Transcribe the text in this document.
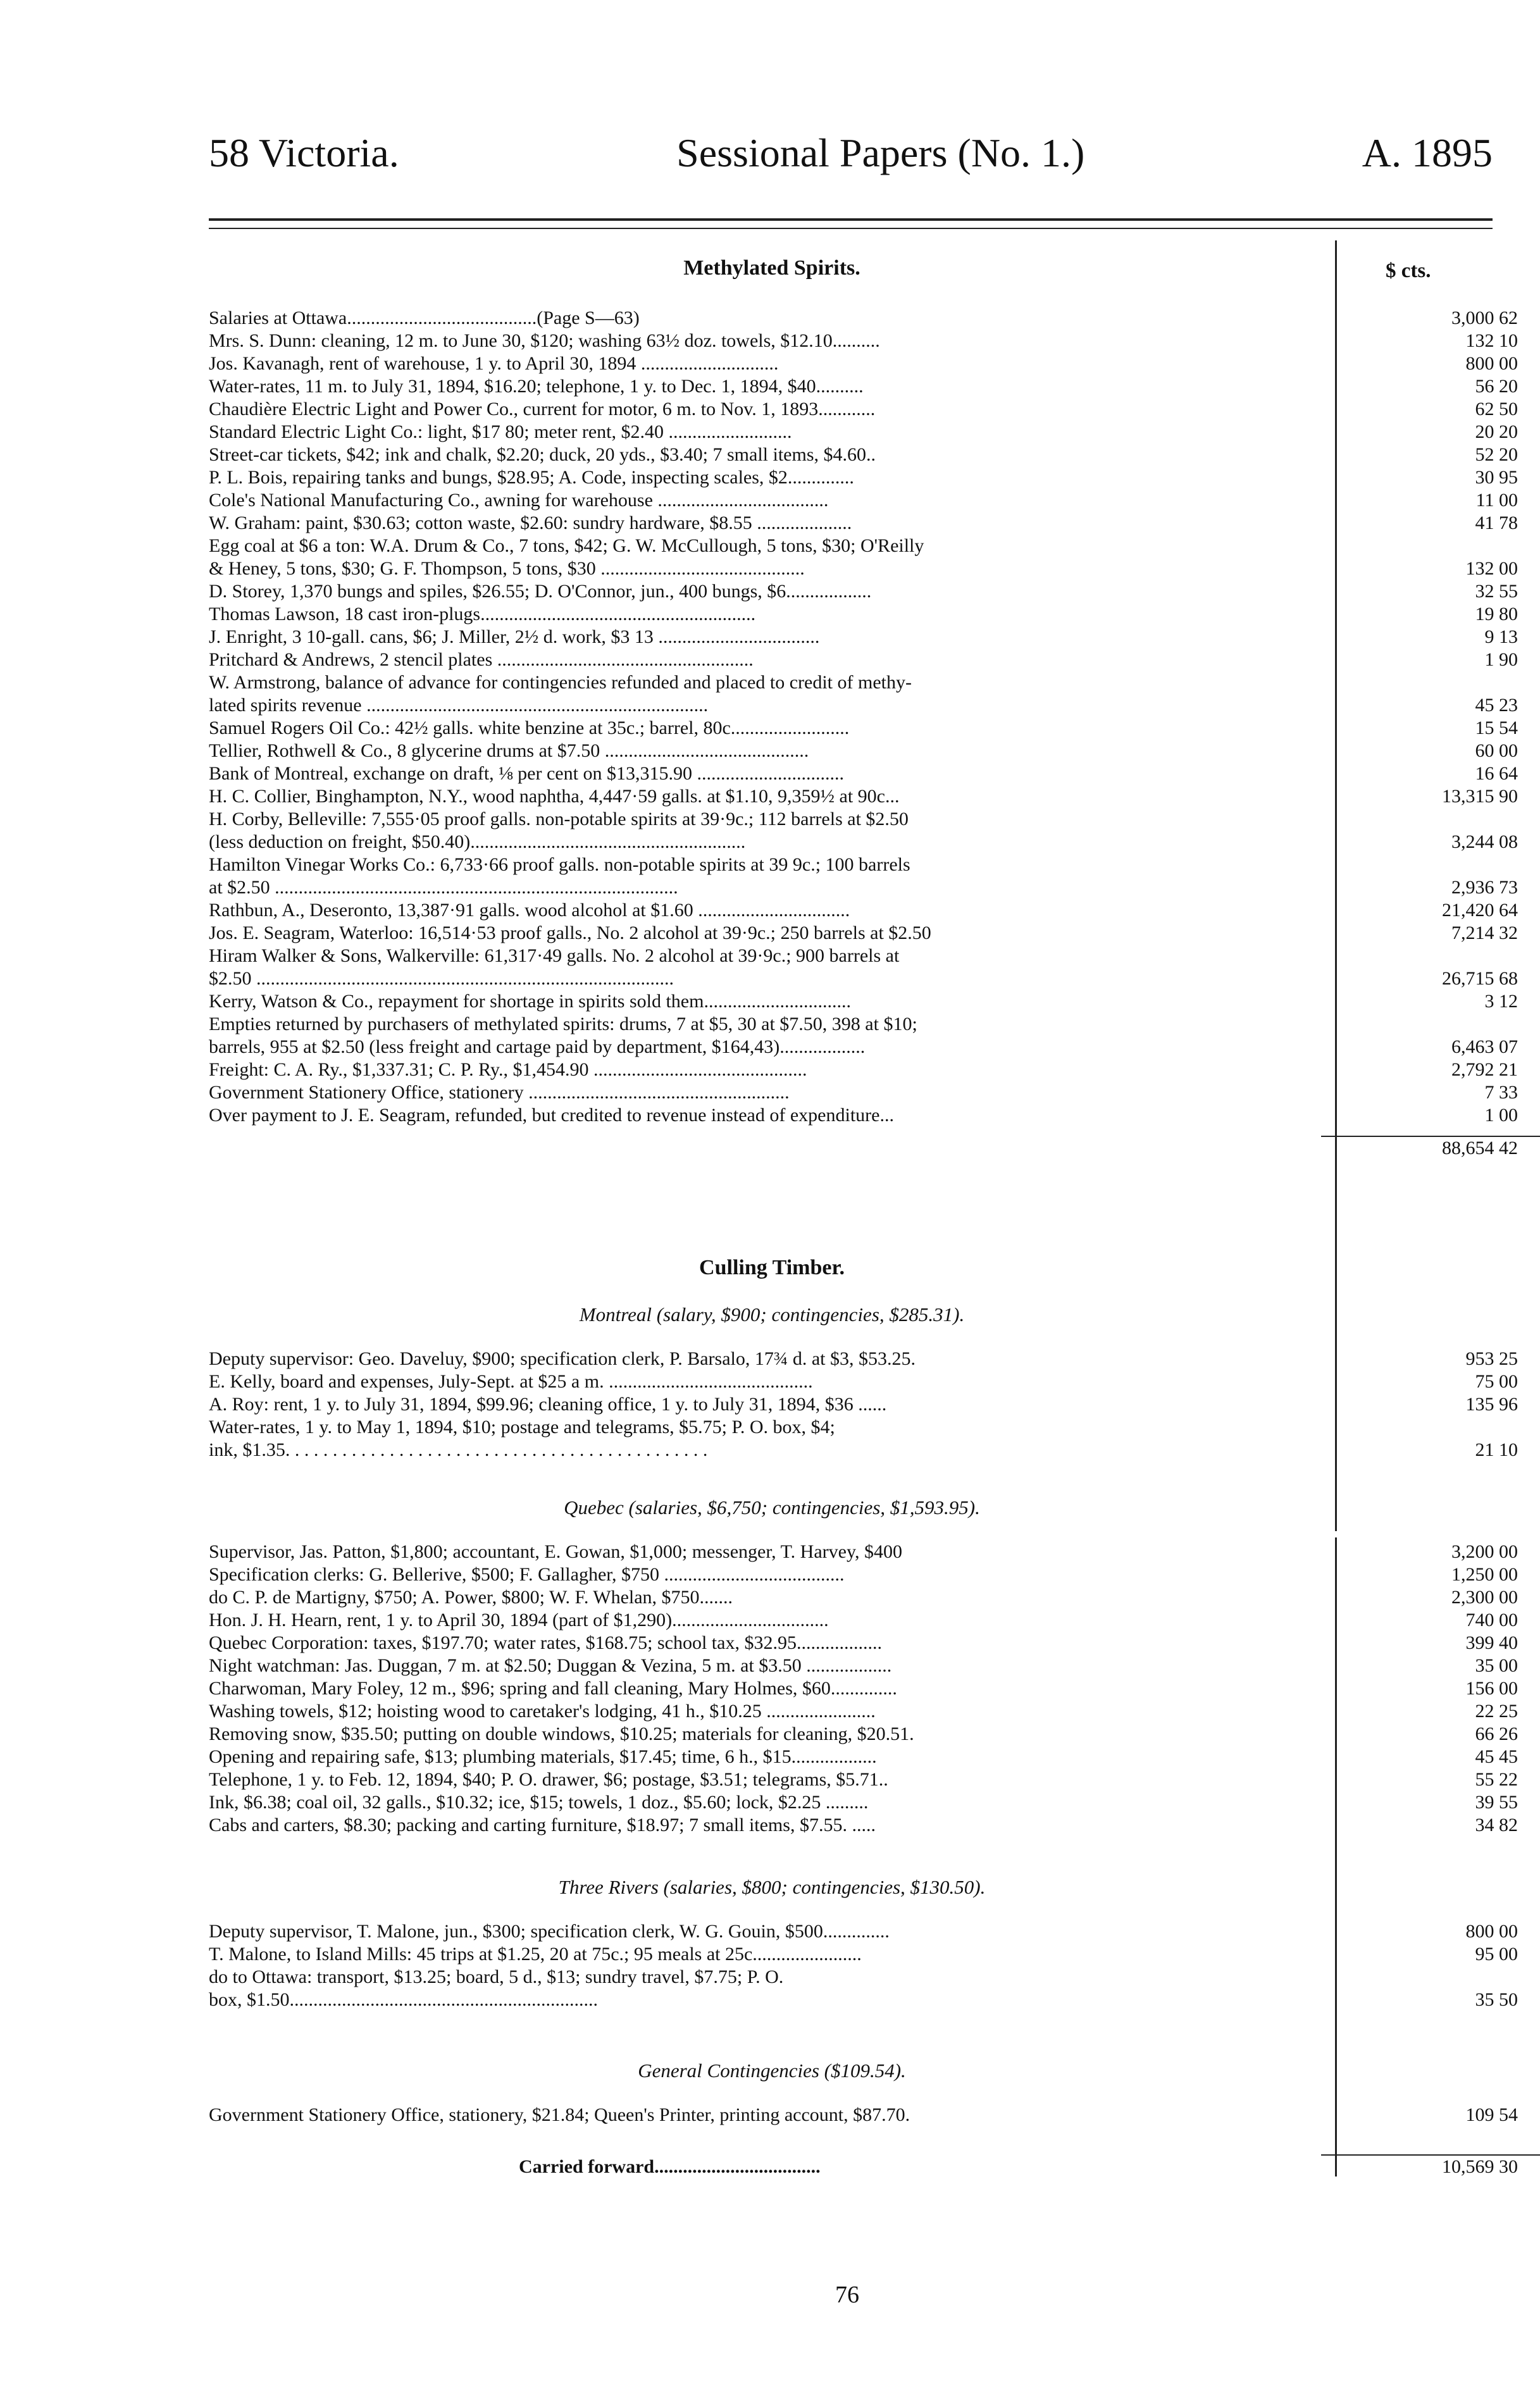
58 Victoria.	Sessional Papers (No. 1.)	A. 1895
Methylated Spirits.	$ cts.
Salaries at Ottawa........................................(Page S—63)	3,000 62
Mrs. S. Dunn: cleaning, 12 m. to June 30, $120; washing 63½ doz. towels, $12.10..........	132 10
Jos. Kavanagh, rent of warehouse, 1 y. to April 30, 1894 .............................	800 00
Water-rates, 11 m. to July 31, 1894, $16.20; telephone, 1 y. to Dec. 1, 1894, $40..........	56 20
Chaudière Electric Light and Power Co., current for motor, 6 m. to Nov. 1, 1893............	62 50
Standard Electric Light Co.: light, $17 80; meter rent, $2.40 ..........................	20 20
Street-car tickets, $42; ink and chalk, $2.20; duck, 20 yds., $3.40; 7 small items, $4.60..	52 20
P. L. Bois, repairing tanks and bungs, $28.95; A. Code, inspecting scales, $2..............	30 95
Cole's National Manufacturing Co., awning for warehouse ....................................	11 00
W. Graham: paint, $30.63; cotton waste, $2.60: sundry hardware, $8.55 ....................	41 78
Egg coal at $6 a ton: W.A. Drum & Co., 7 tons, $42; G. W. McCullough, 5 tons, $30; O'Reilly
& Heney, 5 tons, $30; G. F. Thompson, 5 tons, $30 ...........................................	132 00
D. Storey, 1,370 bungs and spiles, $26.55; D. O'Connor, jun., 400 bungs, $6..................	32 55
Thomas Lawson, 18 cast iron-plugs..........................................................	19 80
J. Enright, 3 10-gall. cans, $6; J. Miller, 2½ d. work, $3 13 ..................................	9 13
Pritchard & Andrews, 2 stencil plates ......................................................	1 90
W. Armstrong, balance of advance for contingencies refunded and placed to credit of methy-
lated spirits revenue ........................................................................	45 23
Samuel Rogers Oil Co.: 42½ galls. white benzine at 35c.; barrel, 80c.........................	15 54
Tellier, Rothwell & Co., 8 glycerine drums at $7.50 ...........................................	60 00
Bank of Montreal, exchange on draft, ⅛ per cent on $13,315.90 ...............................	16 64
H. C. Collier, Binghampton, N.Y., wood naphtha, 4,447·59 galls. at $1.10, 9,359½ at 90c...	13,315 90
H. Corby, Belleville: 7,555·05 proof galls. non-potable spirits at 39·9c.; 112 barrels at $2.50
(less deduction on freight, $50.40)..........................................................	3,244 08
Hamilton Vinegar Works Co.: 6,733·66 proof galls. non-potable spirits at 39 9c.; 100 barrels
at $2.50 .....................................................................................	2,936 73
Rathbun, A., Deseronto, 13,387·91 galls. wood alcohol at $1.60 ................................	21,420 64
Jos. E. Seagram, Waterloo: 16,514·53 proof galls., No. 2 alcohol at 39·9c.; 250 barrels at $2.50	7,214 32
Hiram Walker & Sons, Walkerville: 61,317·49 galls. No. 2 alcohol at 39·9c.; 900 barrels at
$2.50 ........................................................................................	26,715 68
Kerry, Watson & Co., repayment for shortage in spirits sold them...............................	3 12
Empties returned by purchasers of methylated spirits: drums, 7 at $5, 30 at $7.50, 398 at $10;
barrels, 955 at $2.50 (less freight and cartage paid by department, $164,43)..................	6,463 07
Freight: C. A. Ry., $1,337.31; C. P. Ry., $1,454.90 .............................................	2,792 21
Government Stationery Office, stationery .......................................................	7 33
Over payment to J. E. Seagram, refunded, but credited to revenue instead of expenditure...	1 00
88,654 42
Culling Timber.
Montreal (salary, $900; contingencies, $285.31).
Deputy supervisor: Geo. Daveluy, $900; specification clerk, P. Barsalo, 17¾ d. at $3, $53.25.	953 25
E. Kelly, board and expenses, July-Sept. at $25 a m. ...........................................	75 00
A. Roy: rent, 1 y. to July 31, 1894, $99.96; cleaning office, 1 y. to July 31, 1894, $36 ......	135 96
Water-rates, 1 y. to May 1, 1894, $10; postage and telegrams, $5.75; P. O. box, $4;
ink, $1.35. . . . . . . . . . . . . . . . . . . . . . . . . . . . . . . . . . . . . . . . . . . . .	21 10
Quebec (salaries, $6,750; contingencies, $1,593.95).
Supervisor, Jas. Patton, $1,800; accountant, E. Gowan, $1,000; messenger, T. Harvey, $400	3,200 00
Specification clerks: G. Bellerive, $500; F. Gallagher, $750 ......................................	1,250 00
do C. P. de Martigny, $750; A. Power, $800; W. F. Whelan, $750.......	2,300 00
Hon. J. H. Hearn, rent, 1 y. to April 30, 1894 (part of $1,290).................................	740 00
Quebec Corporation: taxes, $197.70; water rates, $168.75; school tax, $32.95..................	399 40
Night watchman: Jas. Duggan, 7 m. at $2.50; Duggan & Vezina, 5 m. at $3.50 ..................	35 00
Charwoman, Mary Foley, 12 m., $96; spring and fall cleaning, Mary Holmes, $60..............	156 00
Washing towels, $12; hoisting wood to caretaker's lodging, 41 h., $10.25 .......................	22 25
Removing snow, $35.50; putting on double windows, $10.25; materials for cleaning, $20.51.	66 26
Opening and repairing safe, $13; plumbing materials, $17.45; time, 6 h., $15..................	45 45
Telephone, 1 y. to Feb. 12, 1894, $40; P. O. drawer, $6; postage, $3.51; telegrams, $5.71..	55 22
Ink, $6.38; coal oil, 32 galls., $10.32; ice, $15; towels, 1 doz., $5.60; lock, $2.25 .........	39 55
Cabs and carters, $8.30; packing and carting furniture, $18.97; 7 small items, $7.55. .....	34 82
Three Rivers (salaries, $800; contingencies, $130.50).
Deputy supervisor, T. Malone, jun., $300; specification clerk, W. G. Gouin, $500..............	800 00
T. Malone, to Island Mills: 45 trips at $1.25, 20 at 75c.; 95 meals at 25c.......................	95 00
do to Ottawa: transport, $13.25; board, 5 d., $13; sundry travel, $7.75; P. O.
box, $1.50.................................................................	35 50
General Contingencies ($109.54).
Government Stationery Office, stationery, $21.84; Queen's Printer, printing account, $87.70.	109 54
Carried forward...................................	10,569 30
76
